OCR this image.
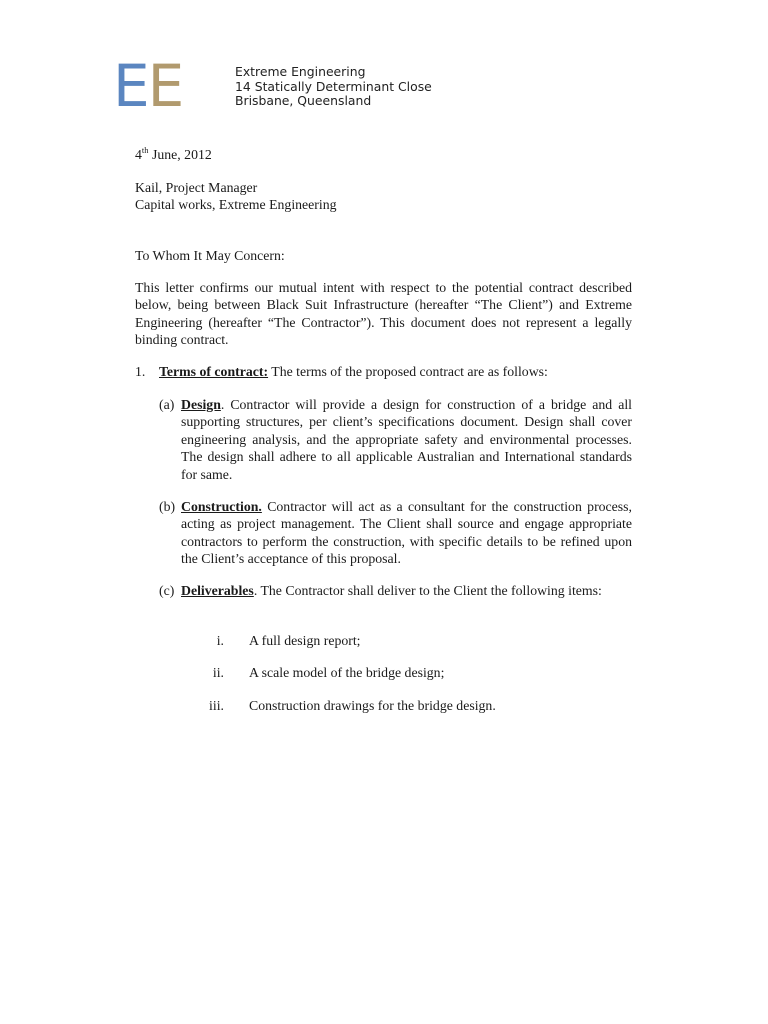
EE	Extreme Engineering
14 Statically Determinant Close
Brisbane, Queensland
4th June, 2012
Kail, Project Manager
Capital works, Extreme Engineering
To Whom It May Concern:

This letter confirms our mutual intent with respect to the potential contract described below, being between Black Suit Infrastructure (hereafter “The Client”) and Extreme Engineering (hereafter “The Contractor”). This document does not represent a legally binding contract.

1. Terms of contract: The terms of the proposed contract are as follows:
(a) Design. Contractor will provide a design for construction of a bridge and all supporting structures, per client’s specifications document. Design shall cover engineering analysis, and the appropriate safety and environmental processes. The design shall adhere to all applicable Australian and International standards for same.

(b) Construction. Contractor will act as a consultant for the construction process, acting as project management. The Client shall source and engage appropriate contractors to perform the construction, with specific details to be refined upon the Client’s acceptance of this proposal.

(c) Deliverables. The Contractor shall deliver to the Client the following items:

i. A full design report;
ii. A scale model of the bridge design;
iii. Construction drawings for the bridge design.
